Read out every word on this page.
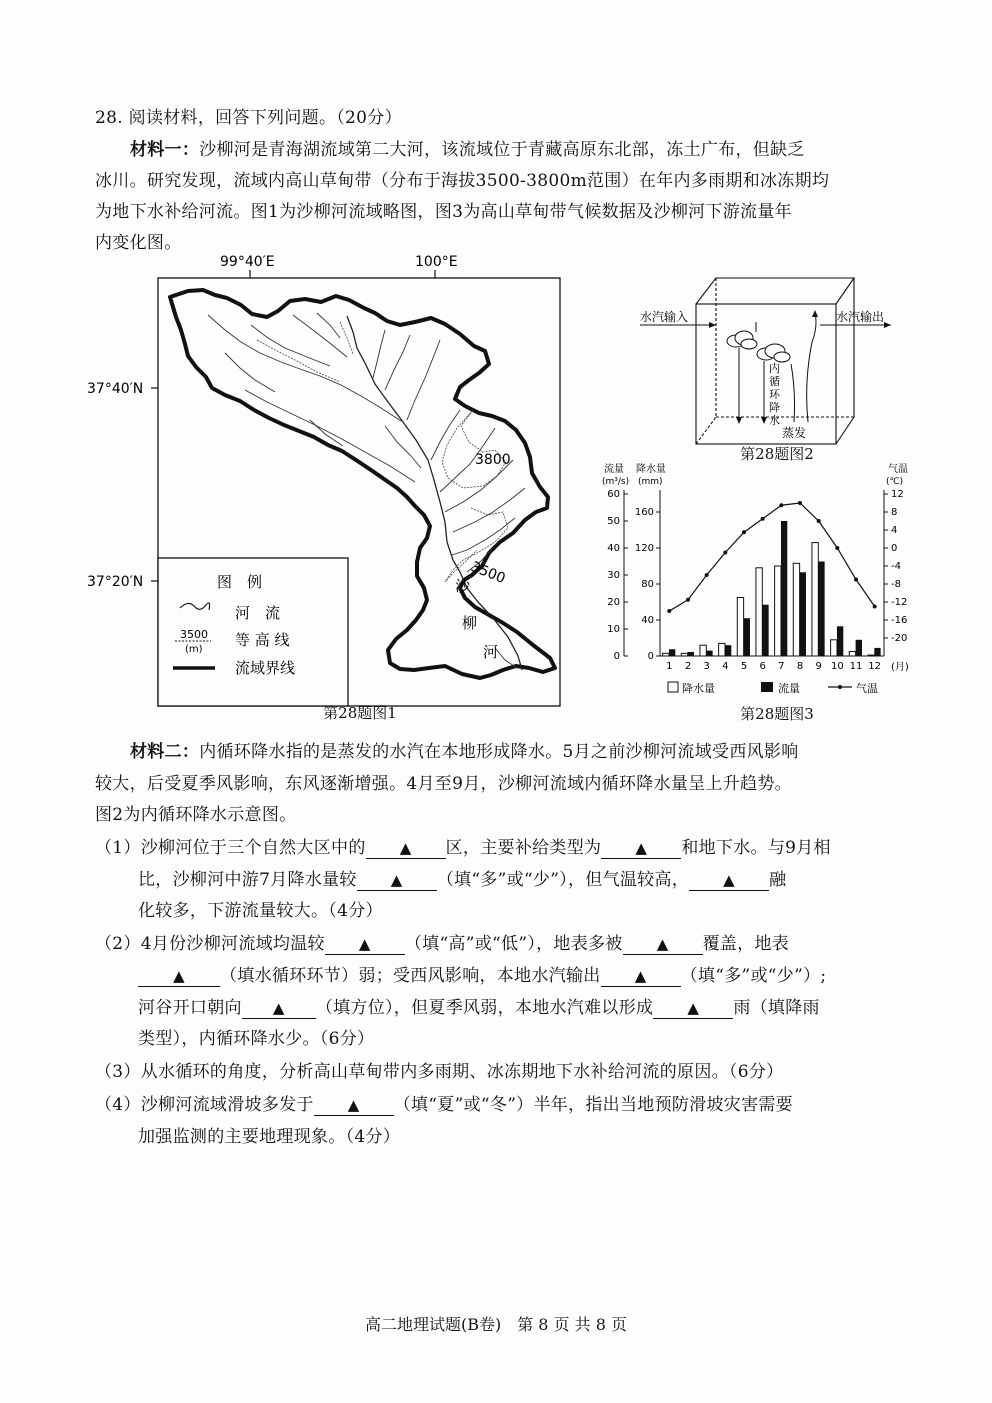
28. 阅读材料，回答下列问题。（20分）
材料一：沙柳河是青海湖流域第二大河，该流域位于青藏高原东北部，冻土广布，但缺乏
冰川。研究发现，流域内高山草甸带（分布于海拔3500-3800m范围）在年内多雨期和冰冻期均
为地下水补给河流。图1为沙柳河流域略图，图3为高山草甸带气候数据及沙柳河下游流量年
内变化图。
99°40′E	100°E
37°40′N
37°20′N
3800
3500
沙
柳
河
图　例
河　流
3500
(m)
等 高 线
流域界线
第28题图1
水汽输入	水汽输出
内
循
环
降
水
蒸发
第28题图2
流量
(m³/s)
降水量
(mm)
气温
(℃)
0
10
20
30
40
50
60
0
40
80
120
160
12
8
4
0
-4
-8
-12
-16
-20
1 2 3 4 5 6 7 8 9 10 11 12 (月)
降水量	流量	气温
第28题图3
材料二：内循环降水指的是蒸发的水汽在本地形成降水。5月之前沙柳河流域受西风影响
较大，后受夏季风影响，东风逐渐增强。4月至9月，沙柳河流域内循环降水量呈上升趋势。
图2为内循环降水示意图。
（1）沙柳河位于三个自然大区中的 ▲ 区，主要补给类型为 ▲ 和地下水。与9月相
比，沙柳河中游7月降水量较 ▲ （填“多”或“少”），但气温较高， ▲ 融
化较多，下游流量较大。（4分）
（2）4月份沙柳河流域均温较 ▲ （填“高”或“低”），地表多被 ▲ 覆盖，地表
▲ （填水循环环节）弱；受西风影响，本地水汽输出 ▲ （填“多”或“少”）;
河谷开口朝向 ▲ （填方位），但夏季风弱，本地水汽难以形成 ▲ 雨（填降雨
类型），内循环降水少。（6分）
（3）从水循环的角度，分析高山草甸带内多雨期、冰冻期地下水补给河流的原因。（6分）
（4）沙柳河流域滑坡多发于 ▲ （填“夏”或“冬”）半年，指出当地预防滑坡灾害需要
加强监测的主要地理现象。（4分）
高二地理试题(B卷)　第 8 页 共 8 页
